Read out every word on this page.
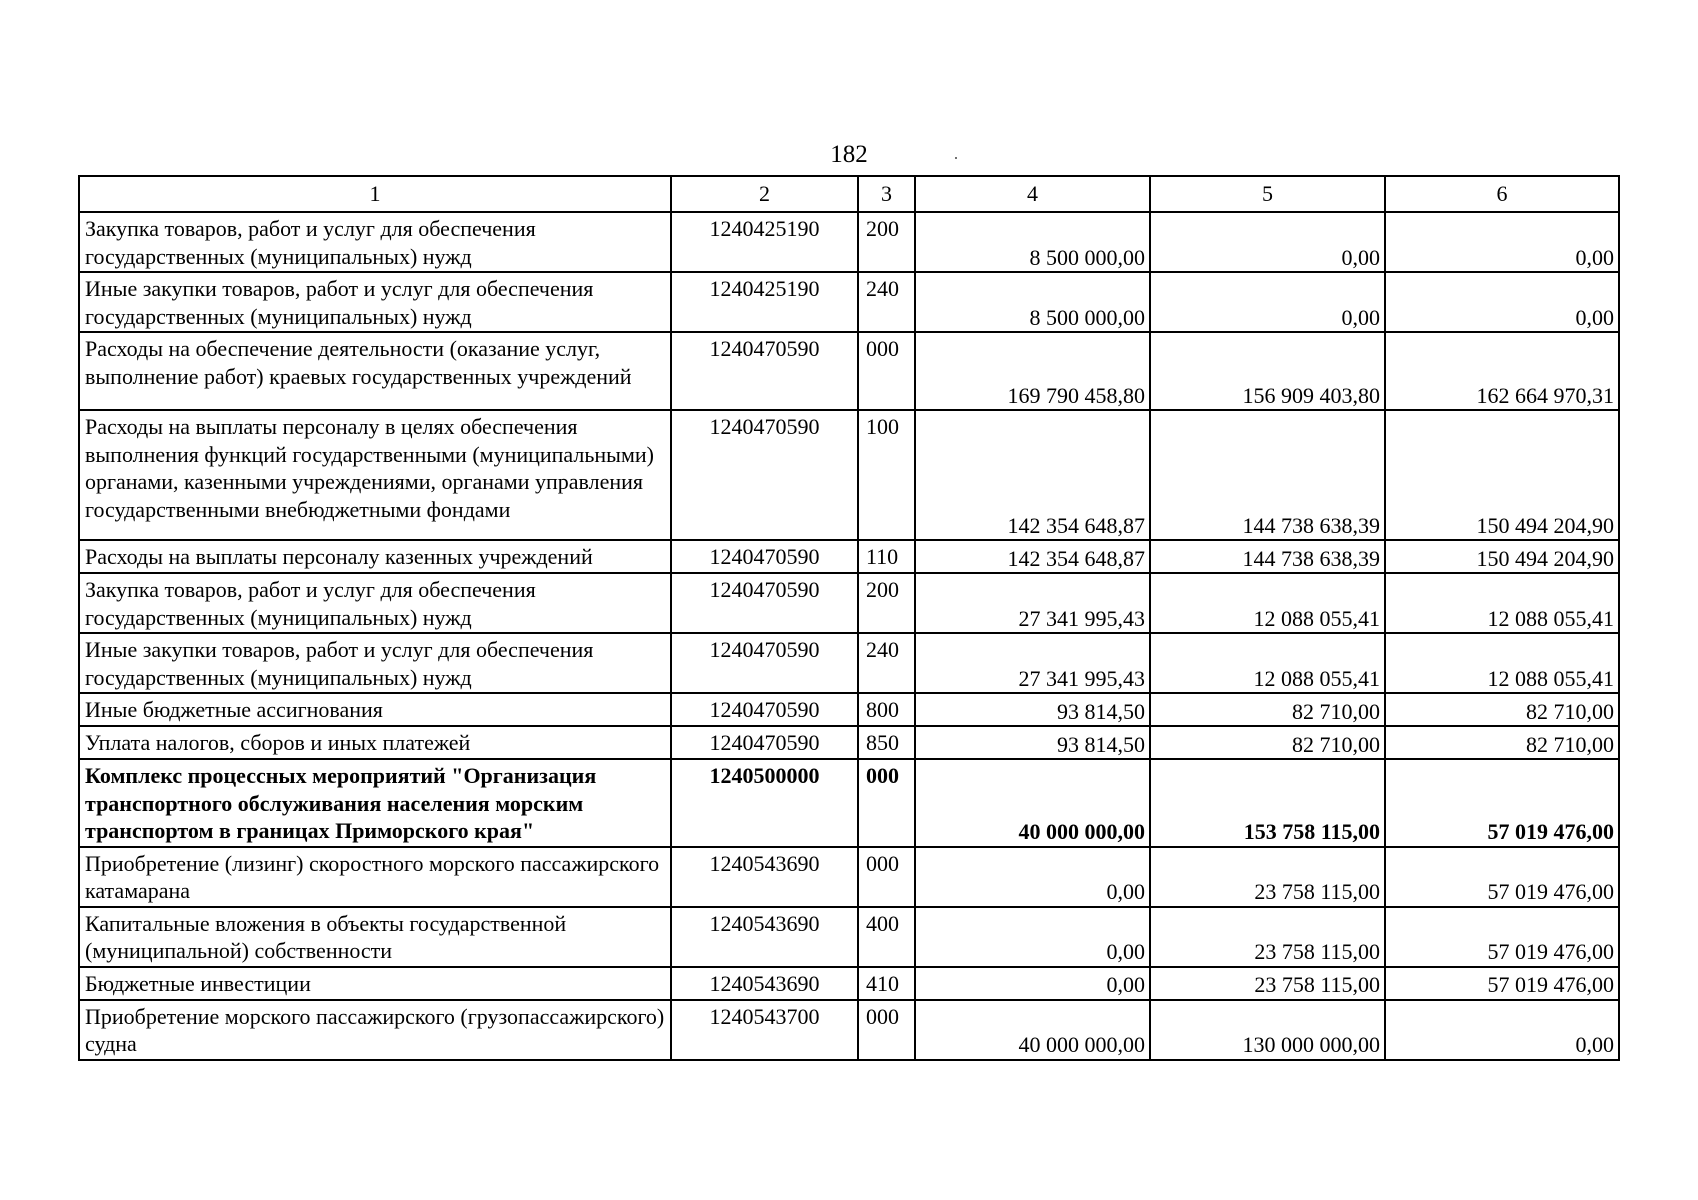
182
1	2	3	4	5	6
Закупка товаров, работ и услуг для обеспечения государственных (муниципальных) нужд	1240425190	200	8 500 000,00	0,00	0,00
Иные закупки товаров, работ и услуг для обеспечения государственных (муниципальных) нужд	1240425190	240	8 500 000,00	0,00	0,00
Расходы на обеспечение деятельности (оказание услуг, выполнение работ) краевых государственных учреждений	1240470590	000	169 790 458,80	156 909 403,80	162 664 970,31
Расходы на выплаты персоналу в целях обеспечения выполнения функций государственными (муниципальными) органами, казенными учреждениями, органами управления государственными внебюджетными фондами	1240470590	100	142 354 648,87	144 738 638,39	150 494 204,90
Расходы на выплаты персоналу казенных учреждений	1240470590	110	142 354 648,87	144 738 638,39	150 494 204,90
Закупка товаров, работ и услуг для обеспечения государственных (муниципальных) нужд	1240470590	200	27 341 995,43	12 088 055,41	12 088 055,41
Иные закупки товаров, работ и услуг для обеспечения государственных (муниципальных) нужд	1240470590	240	27 341 995,43	12 088 055,41	12 088 055,41
Иные бюджетные ассигнования	1240470590	800	93 814,50	82 710,00	82 710,00
Уплата налогов, сборов и иных платежей	1240470590	850	93 814,50	82 710,00	82 710,00
Комплекс процессных мероприятий "Организация транспортного обслуживания населения морским транспортом в границах Приморского края"	1240500000	000	40 000 000,00	153 758 115,00	57 019 476,00
Приобретение (лизинг) скоростного морского пассажирского катамарана	1240543690	000	0,00	23 758 115,00	57 019 476,00
Капитальные вложения в объекты государственной (муниципальной) собственности	1240543690	400	0,00	23 758 115,00	57 019 476,00
Бюджетные инвестиции	1240543690	410	0,00	23 758 115,00	57 019 476,00
Приобретение морского пассажирского (грузопассажирского) судна	1240543700	000	40 000 000,00	130 000 000,00	0,00
